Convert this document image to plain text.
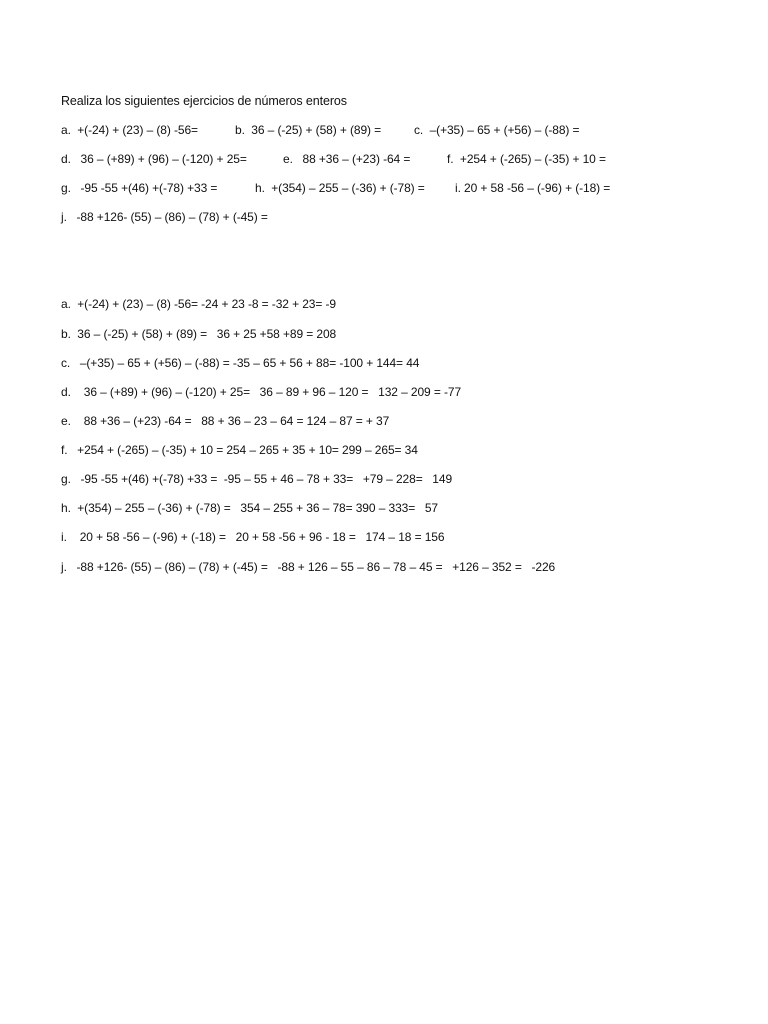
Realiza los siguientes ejercicios de números enteros

a.  +(-24) + (23) – (8) -56=

	b.  36 – (-25) + (58) + (89) =

	c.  –(+35) – 65 + (+56) – (-88) =

d.   36 – (+89) + (96) – (-120) + 25=

	e.   88 +36 – (+23) -64 =

	f.  +254 + (-265) – (-35) + 10 =

g.   -95 -55 +(46) +(-78) +33 =

	h.  +(354) – 255 – (-36) + (-78) =

	i. 20 + 58 -56 – (-96) + (-18) =

j.   -88 +126- (55) – (86) – (78) + (-45) =

a.  +(-24) + (23) – (8) -56= -24 + 23 -8 = -32 + 23= -9
b.  36 – (-25) + (58) + (89) =   36 + 25 +58 +89 = 208
c.   –(+35) – 65 + (+56) – (-88) = -35 – 65 + 56 + 88= -100 + 144= 44
d.    36 – (+89) + (96) – (-120) + 25=   36 – 89 + 96 – 120 =   132 – 209 = -77
e.    88 +36 – (+23) -64 =   88 + 36 – 23 – 64 = 124 – 87 = + 37
f.   +254 + (-265) – (-35) + 10 = 254 – 265 + 35 + 10= 299 – 265= 34
g.   -95 -55 +(46) +(-78) +33 =  -95 – 55 + 46 – 78 + 33=   +79 – 228=   149
h.  +(354) – 255 – (-36) + (-78) =   354 – 255 + 36 – 78= 390 – 333=   57
i.    20 + 58 -56 – (-96) + (-18) =   20 + 58 -56 + 96 - 18 =   174 – 18 = 156
j.   -88 +126- (55) – (86) – (78) + (-45) =   -88 + 126 – 55 – 86 – 78 – 45 =   +126 – 352 =   -226
